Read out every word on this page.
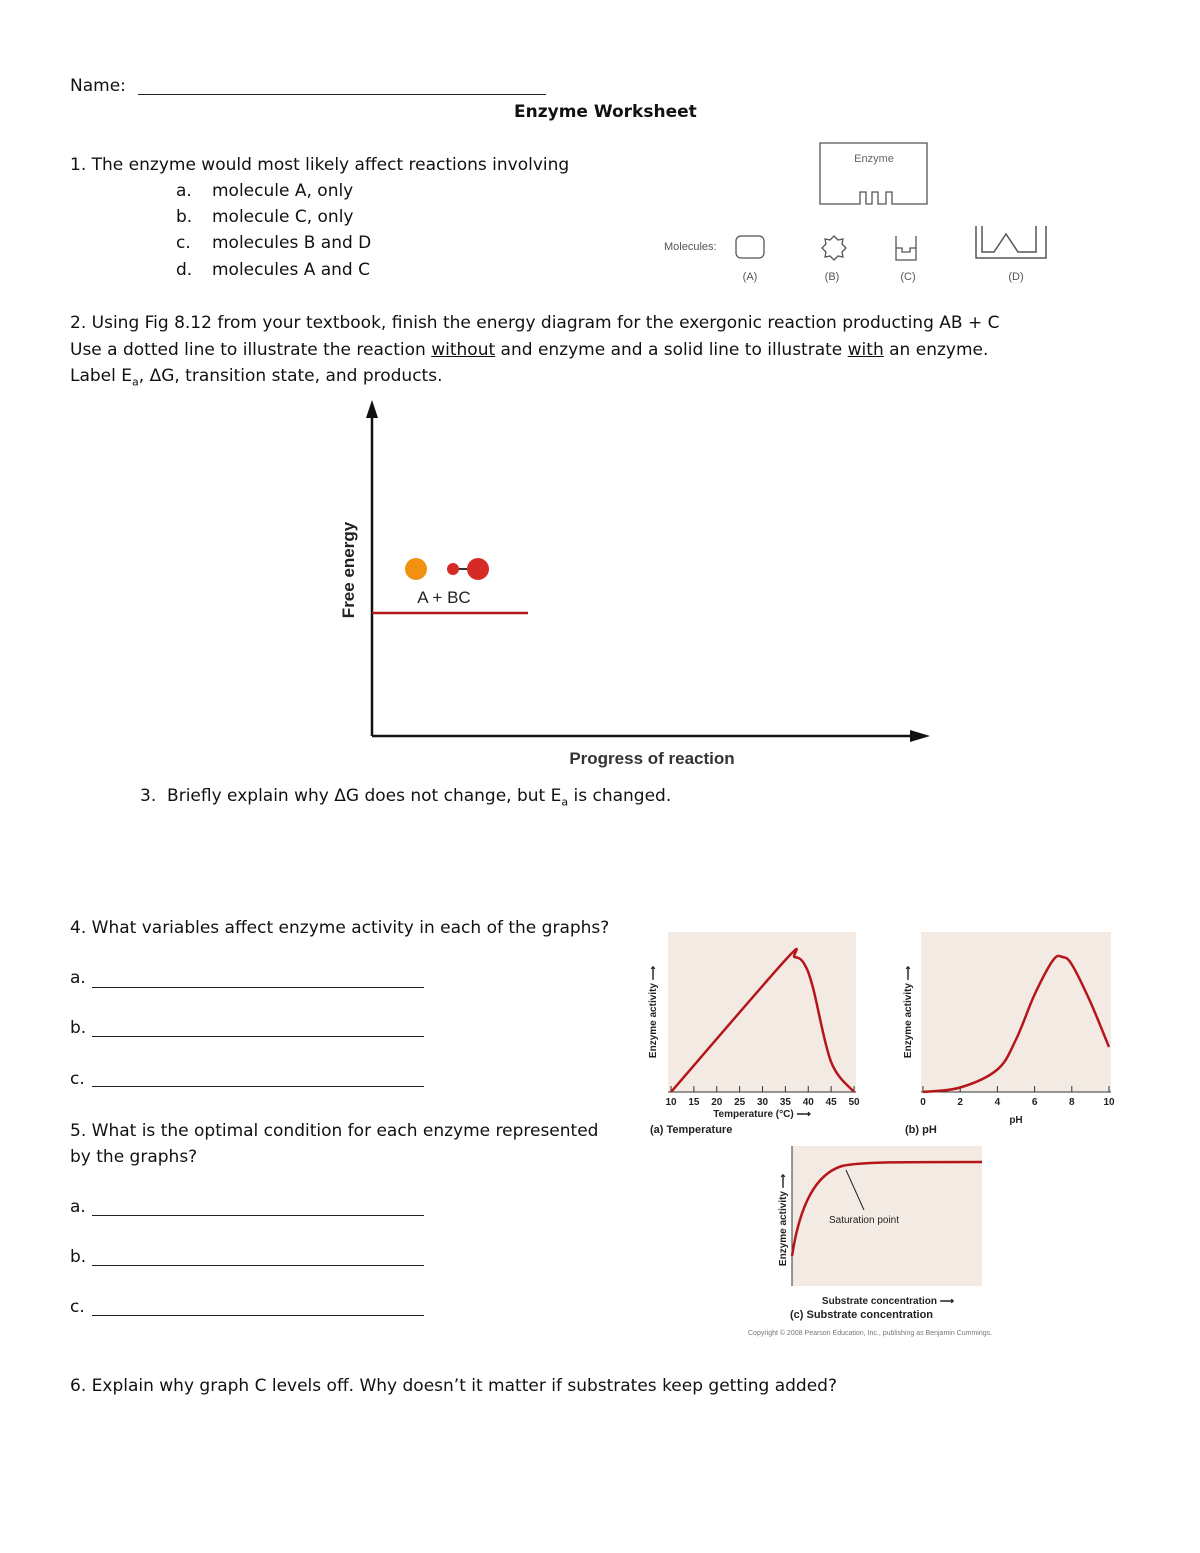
Name:
Enzyme Worksheet
1. The enzyme would most likely affect reactions involving
a. molecule A, only
b. molecule C, only
c. molecules B and D
d. molecules A and C
Enzyme
Molecules:
(A)	(B)	(C)	(D)
2. Using Fig 8.12 from your textbook, finish the energy diagram for the exergonic reaction producting AB + C
Use a dotted line to illustrate the reaction without and enzyme and a solid line to illustrate with an enzyme.
Label $E_a$, ΔG, transition state, and products.
Free energy
Progress of reaction
A + BC
3. Briefly explain why ΔG does not change, but $E_a$ is changed.
4. What variables affect enzyme activity in each of the graphs?
a.
b.
c.
5. What is the optimal condition for each enzyme represented
by the graphs?
a.
b.
c.
Enzyme activity ⟶
10 15 20 25 30 35 40 45 50
Temperature (°C) ⟶
(a) Temperature
Enzyme activity ⟶
0	2	4	6	8	10
pH
(b) pH
Enzyme activity ⟶	Saturation point
Substrate concentration ⟶
(c) Substrate concentration
Copyright © 2008 Pearson Education, Inc., publishing as Benjamin Cummings.
6. Explain why graph C levels off. Why doesn’t it matter if substrates keep getting added?
